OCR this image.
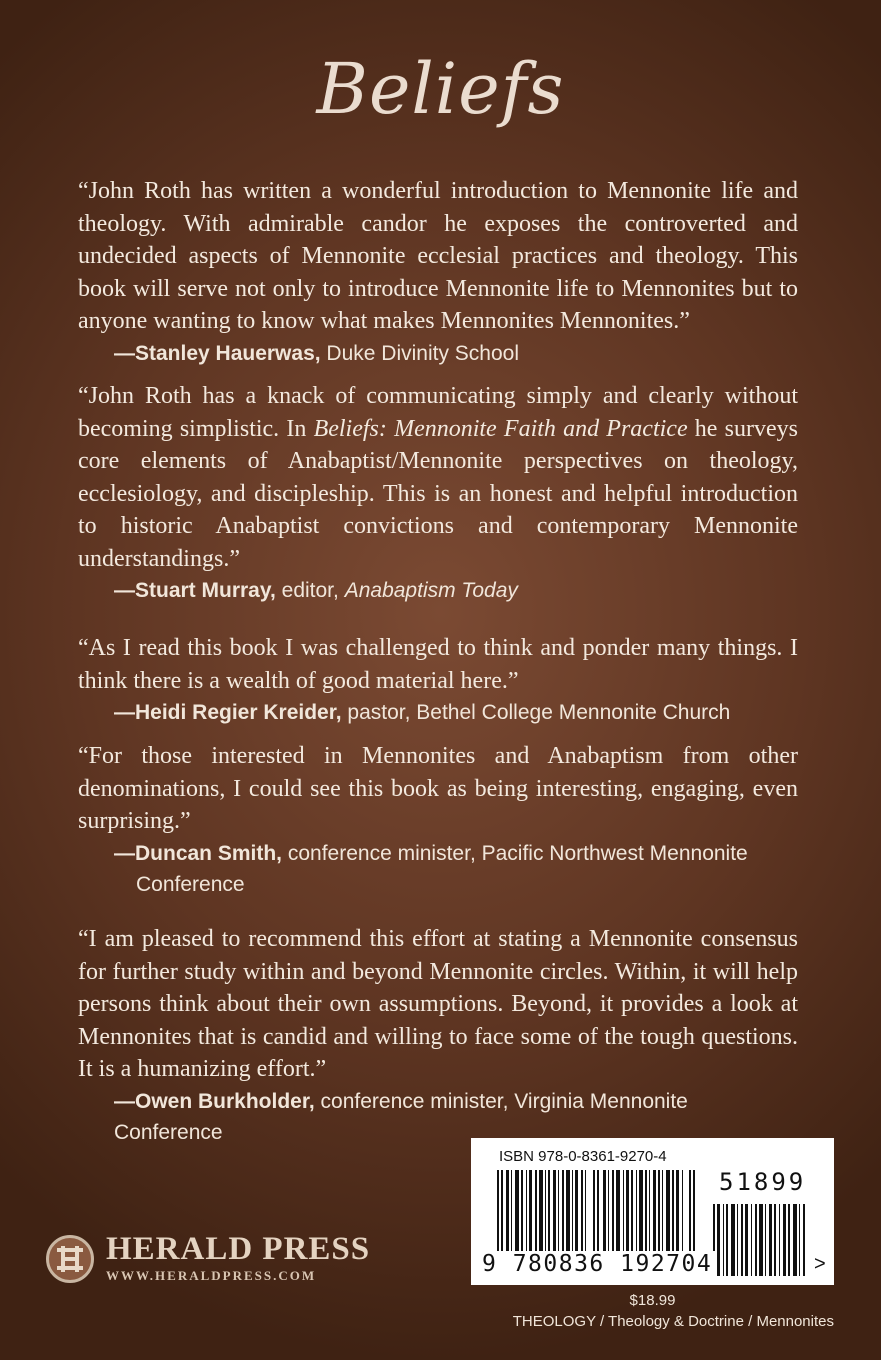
Beliefs

“John Roth has written a wonderful introduction to Mennonite life and theology. With admirable candor he exposes the controverted and undecided aspects of Mennonite ecclesial practices and theology. This book will serve not only to introduce Mennonite life to Mennonites but to anyone wanting to know what makes Mennonites Mennonites.”

—Stanley Hauerwas, Duke Divinity School

“John Roth has a knack of communicating simply and clearly without becoming simplistic. In Beliefs: Mennonite Faith and Practice he surveys core elements of Anabaptist/Mennonite perspectives on theology, ecclesiology, and discipleship. This is an honest and helpful introduction to historic Anabaptist convictions and contemporary Mennonite understandings.”

—Stuart Murray, editor, Anabaptism Today

“As I read this book I was challenged to think and ponder many things. I think there is a wealth of good material here.”

—Heidi Regier Kreider, pastor, Bethel College Mennonite Church

“For those interested in Mennonites and Anabaptism from other denominations, I could see this book as being interesting, engaging, even surprising.”

—Duncan Smith, conference minister, Pacific Northwest Mennonite
Conference

“I am pleased to recommend this effort at stating a Mennonite consensus for further study within and beyond Mennonite circles. Within, it will help persons think about their own assumptions. Beyond, it provides a look at Mennonites that is candid and willing to face some of the tough questions. It is a humanizing effort.”

—Owen Burkholder, conference minister, Virginia Mennonite Conference

HERALD PRESS
WWW.HERALDPRESS.COM
ISBN 978-0-8361-9270-4
51899
9 780836 192704	>
$18.99
THEOLOGY / Theology & Doctrine / Mennonites
